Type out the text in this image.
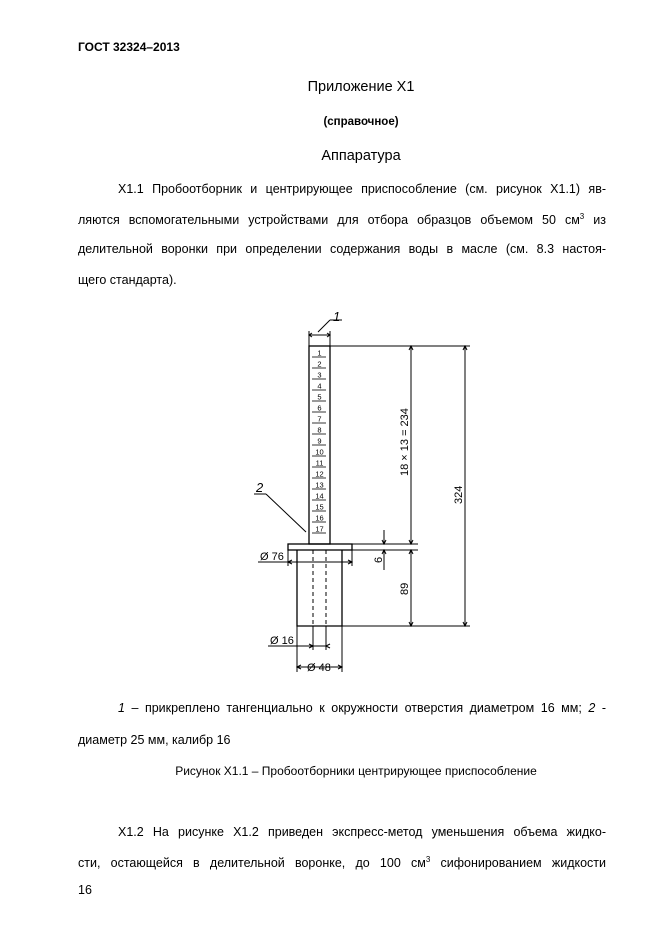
ГОСТ 32324–2013
Приложение Х1
(справочное)
Аппаратура
Х1.1 Пробоотборник и центрирующее приспособление (см. рисунок Х1.1) яв-
ляются вспомогательными устройствами для отбора образцов объемом 50 $см^3$ из
делительной воронки при определении содержания воды в масле (см. 8.3 настоя-
щего стандарта).
1
2
3
4
5
6
7
8
9
10
11
12
13
14
15
16
17
1
2
18 × 13 = 234
324
6
89
Ø 76
Ø 16
Ø 48
1 – прикреплено тангенциально к окружности отверстия диаметром 16 мм; 2 -
диаметр 25 мм, калибр 16
Рисунок Х1.1 – Пробоотборники центрирующее приспособление
Х1.2 На рисунке Х1.2 приведен экспресс-метод уменьшения объема жидко-
сти, остающейся в делительной воронке, до 100 $см^3$ сифонированием жидкости
16
